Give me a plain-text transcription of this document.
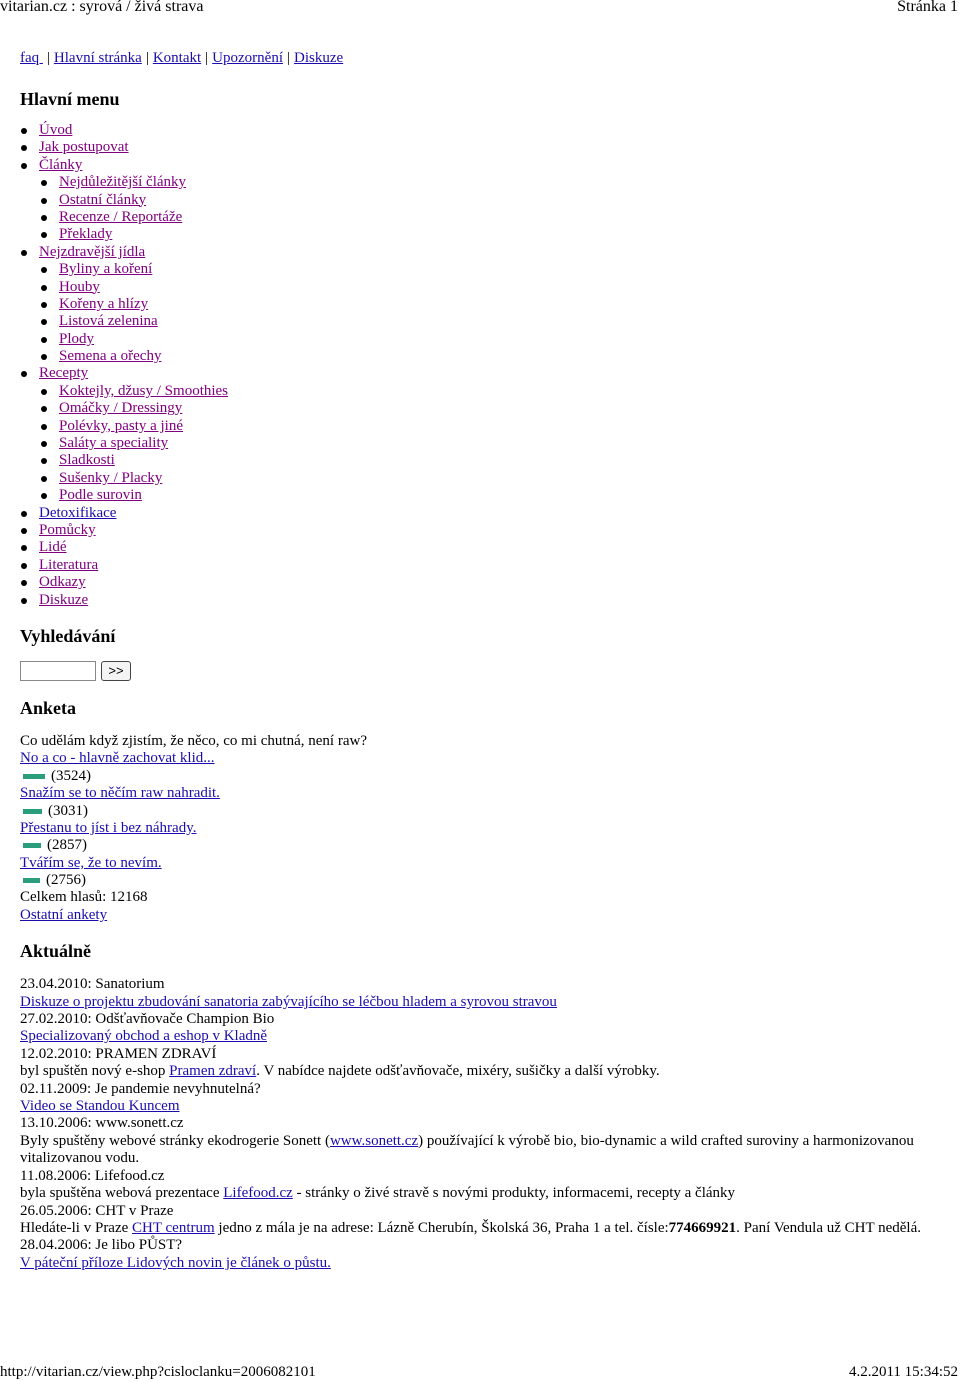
vitarian.cz : syrová / živá strava	Stránka 1
faq | Hlavní stránka | Kontakt | Upozornění | Diskuze
Hlavní menu
Úvod
Jak postupovat
Články
Nejdůležitější články
Ostatní články
Recenze / Reportáže
Překlady
Nejzdravější jídla
Byliny a koření
Houby
Kořeny a hlízy
Listová zelenina
Plody
Semena a ořechy
Recepty
Koktejly, džusy / Smoothies
Omáčky / Dressingy
Polévky, pasty a jiné
Saláty a speciality
Sladkosti
Sušenky / Placky
Podle surovin
Detoxifikace
Pomůcky
Lidé
Literatura
Odkazy
Diskuze
Vyhledávání
>>
Anketa
Co udělám když zjistím, že něco, co mi chutná, není raw?
No a co - hlavně zachovat klid...
(3524)
Snažím se to něčím raw nahradit.
(3031)
Přestanu to jíst i bez náhrady.
(2857)
Tvářím se, že to nevím.
(2756)
Celkem hlasů: 12168
Ostatní ankety
Aktuálně
23.04.2010: Sanatorium
Diskuze o projektu zbudování sanatoria zabývajícího se léčbou hladem a syrovou stravou
27.02.2010: Odšťavňovače Champion Bio
Specializovaný obchod a eshop v Kladně
12.02.2010: PRAMEN ZDRAVÍ
byl spuštěn nový e-shop Pramen zdraví. V nabídce najdete odšťavňovače, mixéry, sušičky a další výrobky.
02.11.2009: Je pandemie nevyhnutelná?
Video se Standou Kuncem
13.10.2006: www.sonett.cz
Byly spuštěny webové stránky ekodrogerie Sonett (www.sonett.cz) používající k výrobě bio, bio-dynamic a wild crafted suroviny a harmonizovanou vitalizovanou vodu.
11.08.2006: Lifefood.cz
byla spuštěna webová prezentace Lifefood.cz - stránky o živé stravě s novými produkty, informacemi, recepty a články
26.05.2006: CHT v Praze
Hledáte-li v Praze CHT centrum jedno z mála je na adrese: Lázně Cherubín, Školská 36, Praha 1 a tel. čísle:774669921. Paní Vendula už CHT nedělá.
28.04.2006: Je libo PŮST?
V páteční příloze Lidových novin je článek o půstu.
http://vitarian.cz/view.php?cisloclanku=2006082101	4.2.2011 15:34:52
